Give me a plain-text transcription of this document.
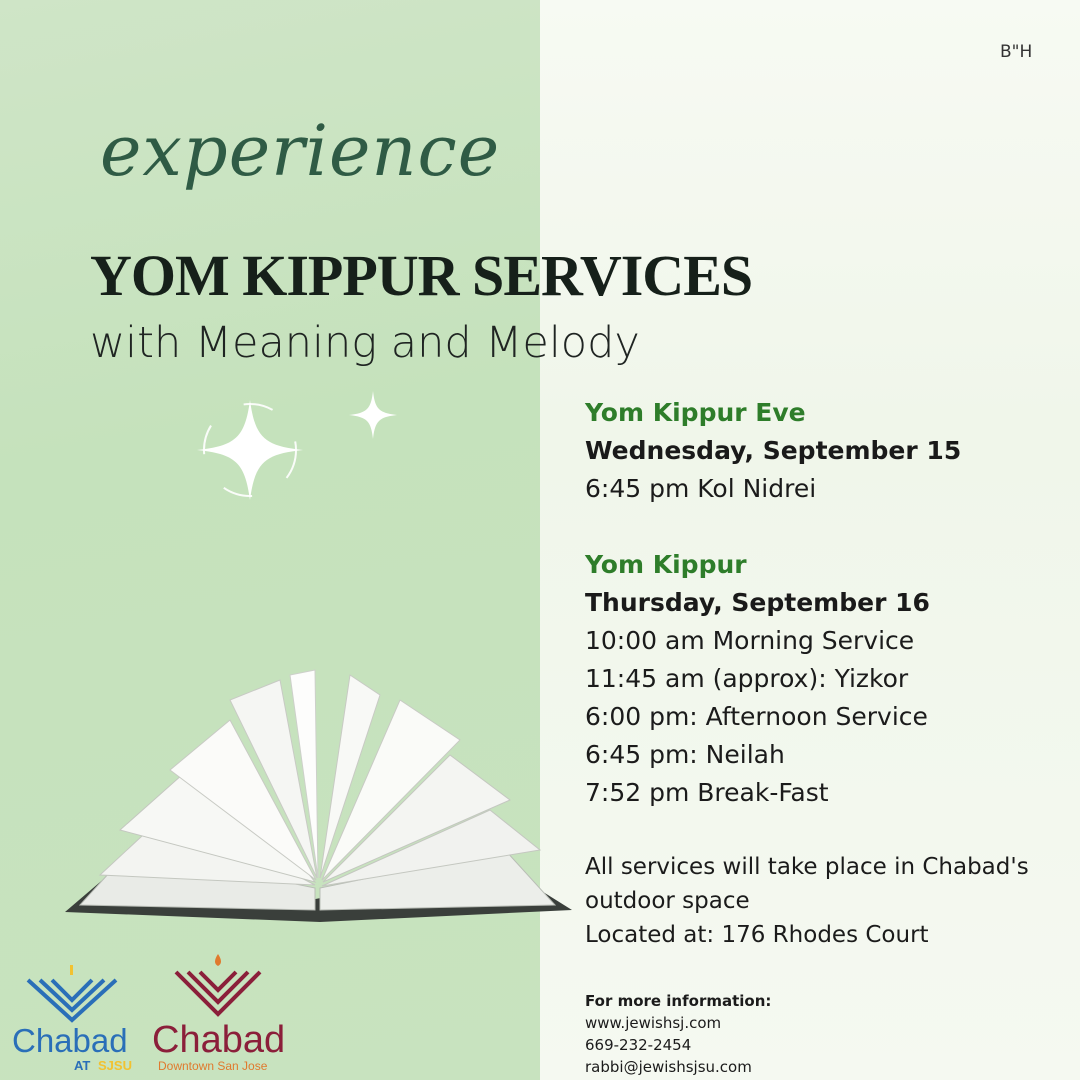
B"H
experience
YOM KIPPUR SERVICES
with Meaning and Melody
Yom Kippur Eve
Wednesday, September 15
6:45 pm Kol Nidrei
Yom Kippur
Thursday, September 16
10:00 am Morning Service
11:45 am (approx): Yizkor
6:00 pm: Afternoon Service
6:45 pm: Neilah
7:52 pm Break-Fast
All services will take place in Chabad's
outdoor space
Located at: 176 Rhodes Court
For more information:
www.jewishsj.com
669-232-2454
rabbi@jewishsjsu.com
Chabad
AT SJSU
Chabad
Downtown San Jose
